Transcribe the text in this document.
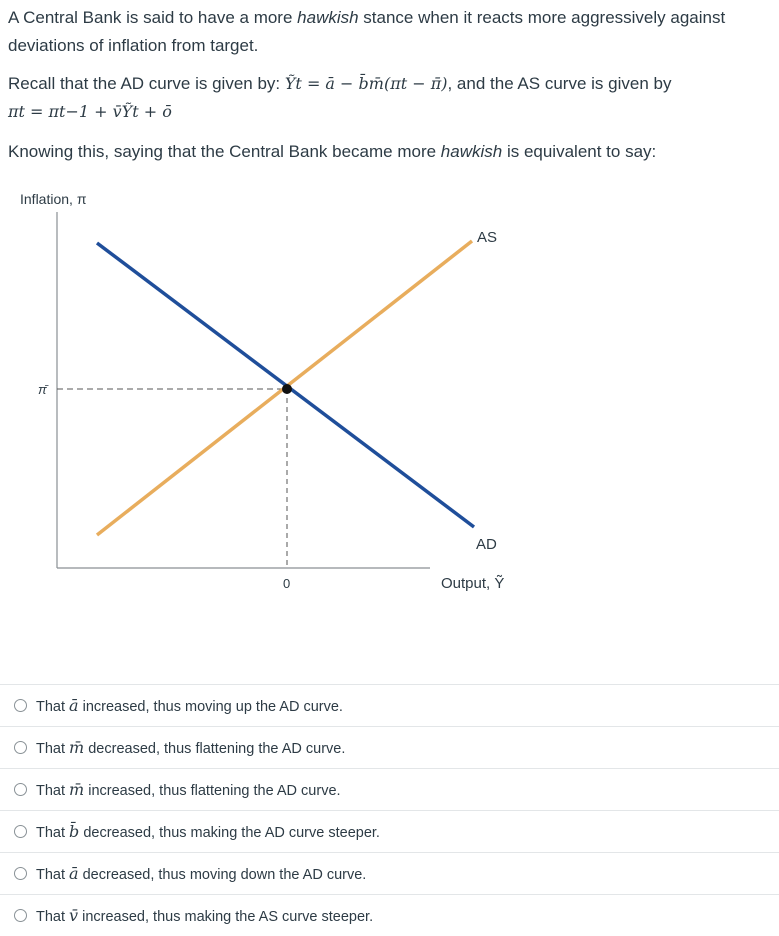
A Central Bank is said to have a more hawkish stance when it reacts more aggressively against deviations of inflation from target.
Recall that the AD curve is given by: Ỹt = ā − b̄m̄(πt − π̄), and the AS curve is given by
πt = πt−1 + v̄Ỹt + ō
Knowing this, saying that the Central Bank became more hawkish is equivalent to say:
Inflation, π
π̄
0
AS
AD
Output, Ỹ
That ā increased, thus moving up the AD curve.
That m̄ decreased, thus flattening the AD curve.
That m̄ increased, thus flattening the AD curve.
That b̄ decreased, thus making the AD curve steeper.
That ā decreased, thus moving down the AD curve.
That v̄ increased, thus making the AS curve steeper.
